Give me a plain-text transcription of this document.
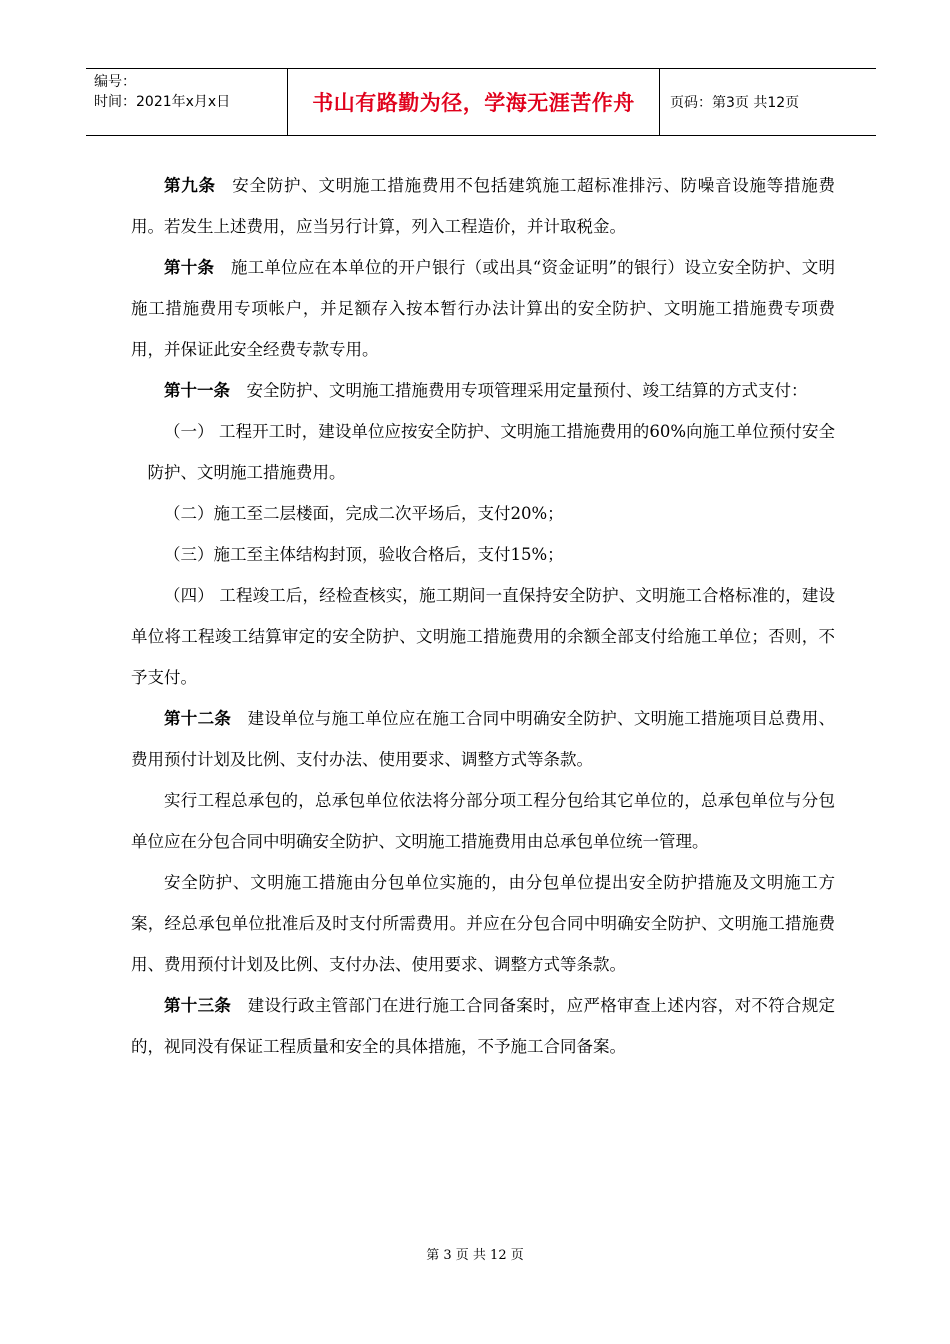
编号：
时间：2021年x月x日	书山有路勤为径，学海无涯苦作舟	页码：第3页 共12页

第九条 安全防护、文明施工措施费用不包括建筑施工超标准排污、防噪音设施等措施费用。若发生上述费用，应当另行计算，列入工程造价，并计取税金。

第十条 施工单位应在本单位的开户银行（或出具“资金证明”的银行）设立安全防护、文明施工措施费用专项帐户，并足额存入按本暂行办法计算出的安全防护、文明施工措施费专项费用，并保证此安全经费专款专用。

第十一条 安全防护、文明施工措施费用专项管理采用定量预付、竣工结算的方式支付：

（一） 工程开工时，建设单位应按安全防护、文明施工措施费用的60%向施工单位预付安全防护、文明施工措施费用。

（二）施工至二层楼面，完成二次平场后，支付20%；

（三）施工至主体结构封顶，验收合格后，支付15%；

（四） 工程竣工后，经检查核实，施工期间一直保持安全防护、文明施工合格标准的，建设单位将工程竣工结算审定的安全防护、文明施工措施费用的余额全部支付给施工单位；否则，不予支付。

第十二条 建设单位与施工单位应在施工合同中明确安全防护、文明施工措施项目总费用、费用预付计划及比例、支付办法、使用要求、调整方式等条款。

实行工程总承包的，总承包单位依法将分部分项工程分包给其它单位的，总承包单位与分包单位应在分包合同中明确安全防护、文明施工措施费用由总承包单位统一管理。

安全防护、文明施工措施由分包单位实施的，由分包单位提出安全防护措施及文明施工方案，经总承包单位批准后及时支付所需费用。并应在分包合同中明确安全防护、文明施工措施费用、费用预付计划及比例、支付办法、使用要求、调整方式等条款。

第十三条 建设行政主管部门在进行施工合同备案时，应严格审查上述内容，对不符合规定的，视同没有保证工程质量和安全的具体措施，不予施工合同备案。

第 3 页 共 12 页
